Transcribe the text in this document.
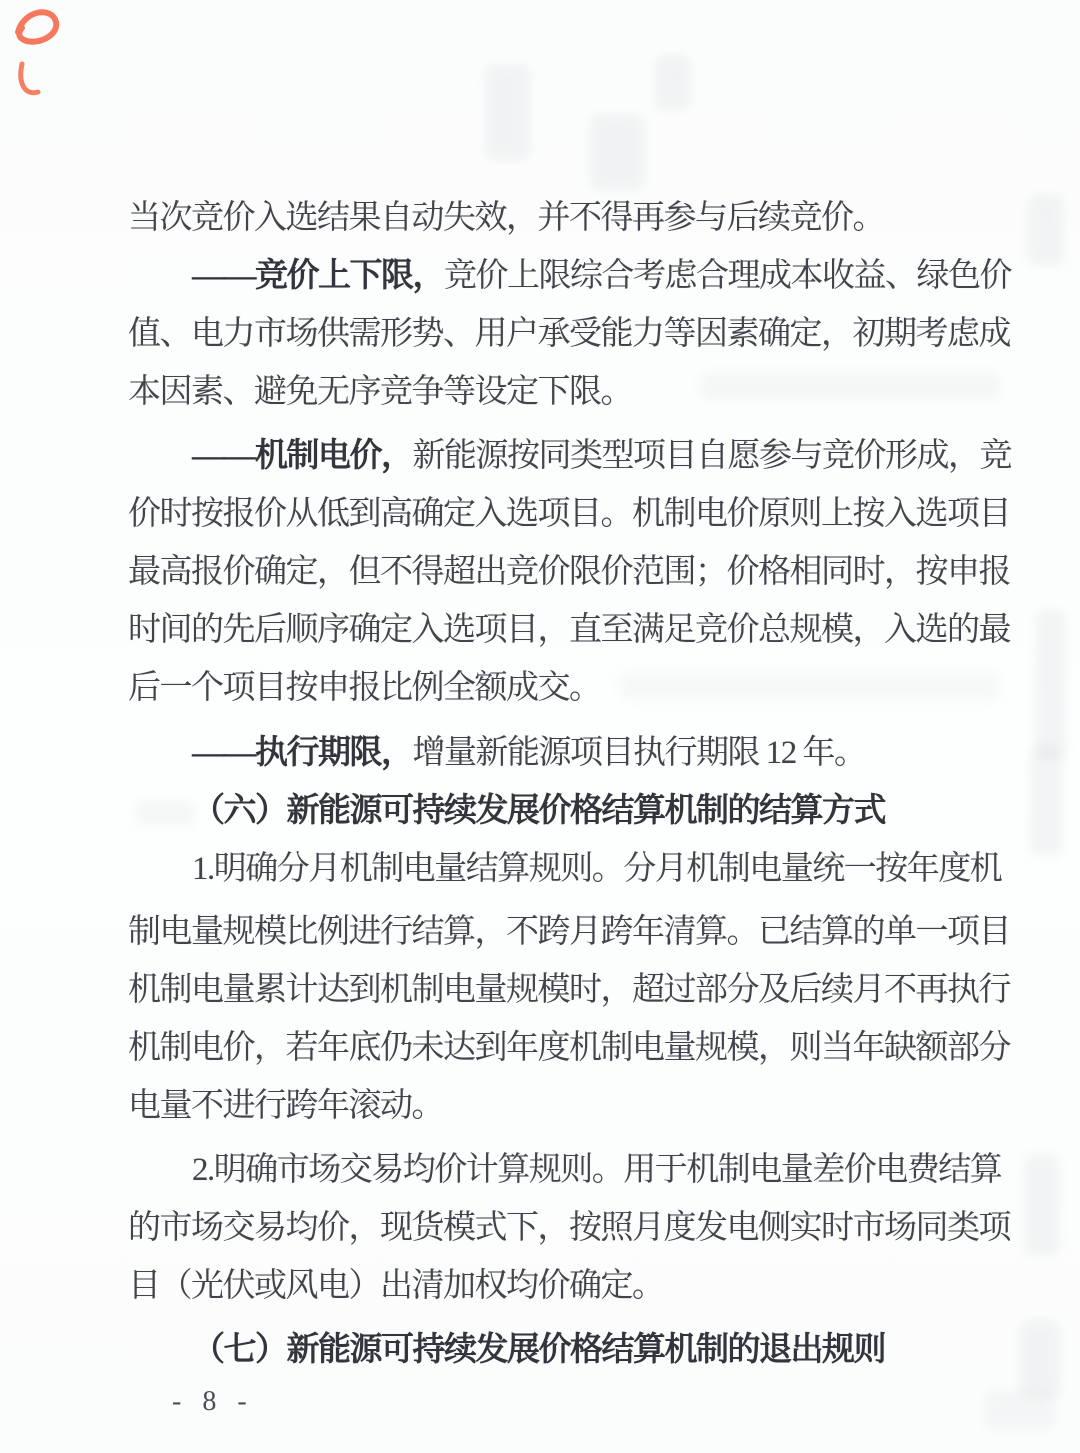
当次竞价入选结果自动失效，并不得再参与后续竞价。
——竞价上下限，竞价上限综合考虑合理成本收益、绿色价
值、电力市场供需形势、用户承受能力等因素确定，初期考虑成
本因素、避免无序竞争等设定下限。
——机制电价，新能源按同类型项目自愿参与竞价形成，竞
价时按报价从低到高确定入选项目。机制电价原则上按入选项目
最高报价确定，但不得超出竞价限价范围；价格相同时，按申报
时间的先后顺序确定入选项目，直至满足竞价总规模，入选的最
后一个项目按申报比例全额成交。
——执行期限，增量新能源项目执行期限 12 年。
（六）新能源可持续发展价格结算机制的结算方式
1.明确分月机制电量结算规则。分月机制电量统一按年度机
制电量规模比例进行结算，不跨月跨年清算。已结算的单一项目
机制电量累计达到机制电量规模时，超过部分及后续月不再执行
机制电价，若年底仍未达到年度机制电量规模，则当年缺额部分
电量不进行跨年滚动。
2.明确市场交易均价计算规则。用于机制电量差价电费结算
的市场交易均价，现货模式下，按照月度发电侧实时市场同类项
目（光伏或风电）出清加权均价确定。
（七）新能源可持续发展价格结算机制的退出规则
- 8 -
